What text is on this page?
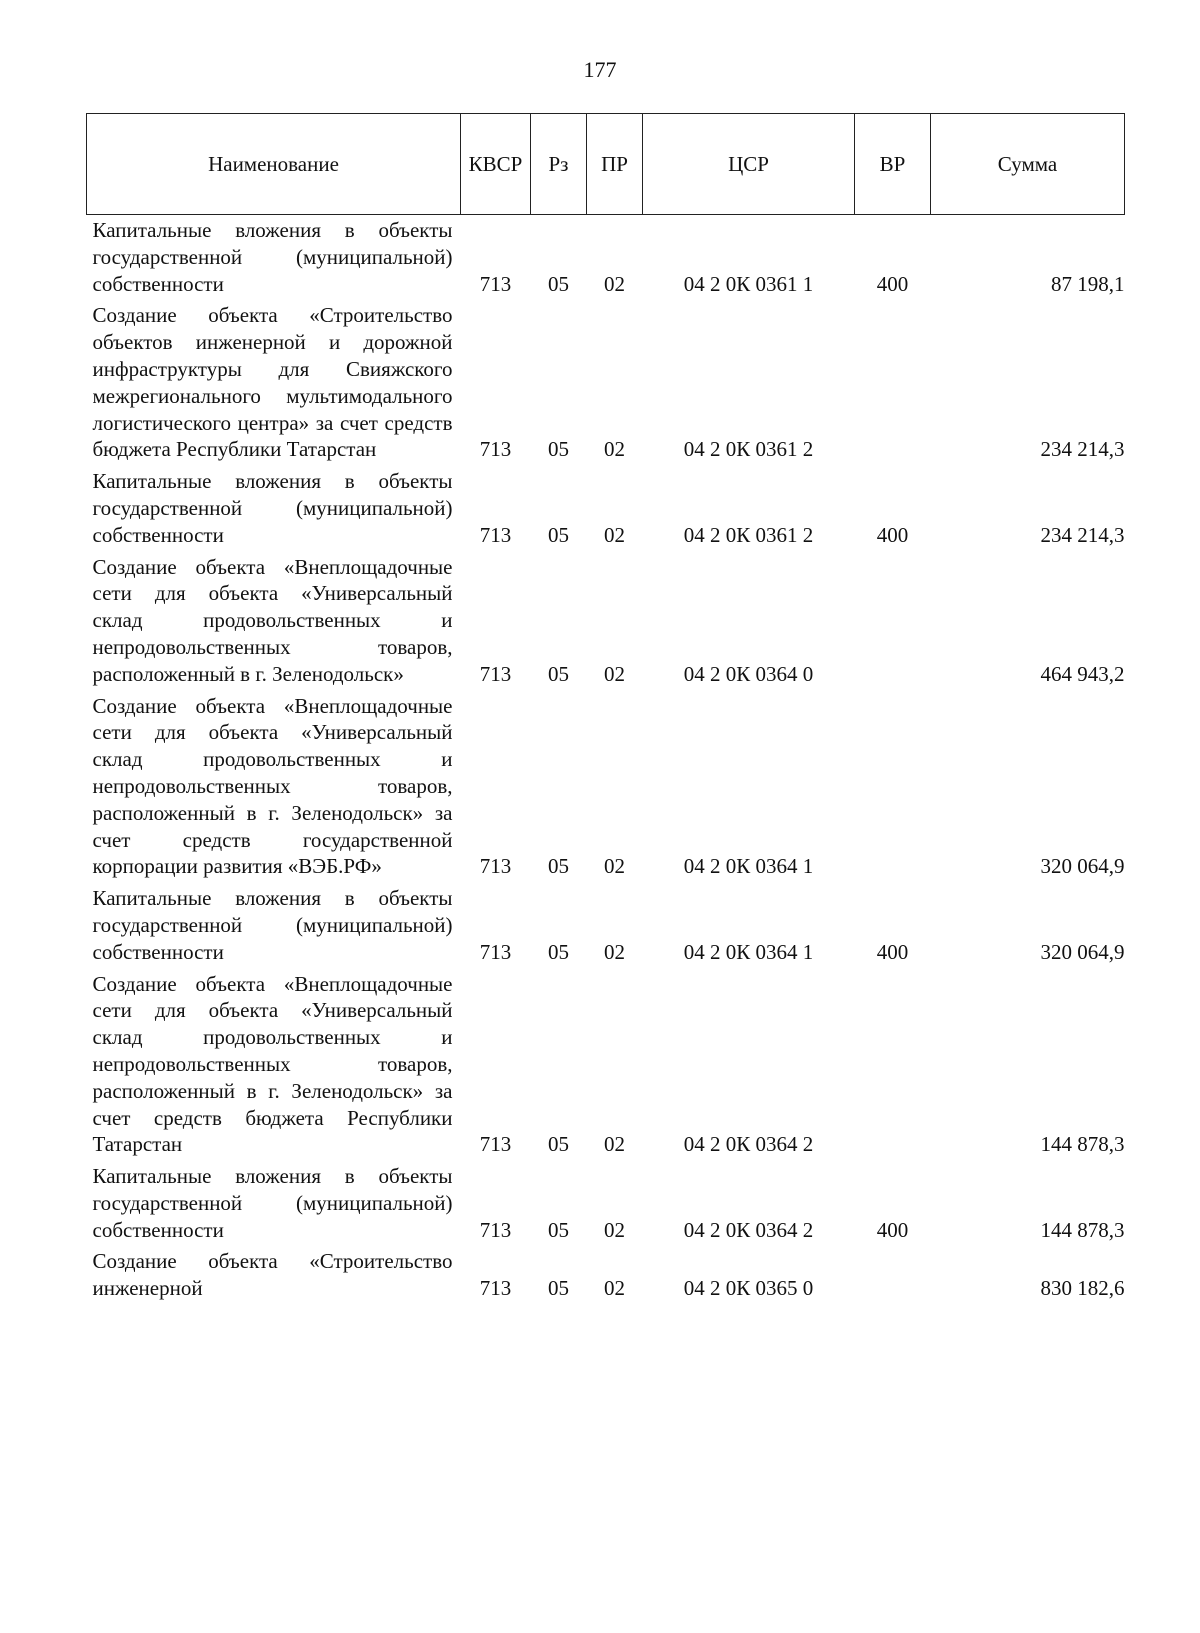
177
Наименование	КВСР	Рз	ПР	ЦСР	ВР	Сумма
Капитальные вложения в объекты государственной (муниципальной) собственности	713	05	02	04 2 0К 0361 1	400	87 198,1
Создание объекта «Строительство объектов инженерной и дорожной инфраструктуры для Свияжского межрегионального мультимодального логистического центра» за счет средств бюджета Республики Татарстан	713	05	02	04 2 0К 0361 2		234 214,3
Капитальные вложения в объекты государственной (муниципальной) собственности	713	05	02	04 2 0К 0361 2	400	234 214,3
Создание объекта «Внеплощадочные сети для объекта «Универсальный склад продовольственных и непродовольственных товаров, расположенный в г. Зеленодольск»	713	05	02	04 2 0К 0364 0		464 943,2
Создание объекта «Внеплощадочные сети для объекта «Универсальный склад продовольственных и непродовольственных товаров, расположенный в г. Зеленодольск» за счет средств государственной корпорации развития «ВЭБ.РФ»	713	05	02	04 2 0К 0364 1		320 064,9
Капитальные вложения в объекты государственной (муниципальной) собственности	713	05	02	04 2 0К 0364 1	400	320 064,9
Создание объекта «Внеплощадочные сети для объекта «Универсальный склад продовольственных и непродовольственных товаров, расположенный в г. Зеленодольск» за счет средств бюджета Республики Татарстан	713	05	02	04 2 0К 0364 2		144 878,3
Капитальные вложения в объекты государственной (муниципальной) собственности	713	05	02	04 2 0К 0364 2	400	144 878,3
Создание объекта «Строительство инженерной	713	05	02	04 2 0К 0365 0		830 182,6
